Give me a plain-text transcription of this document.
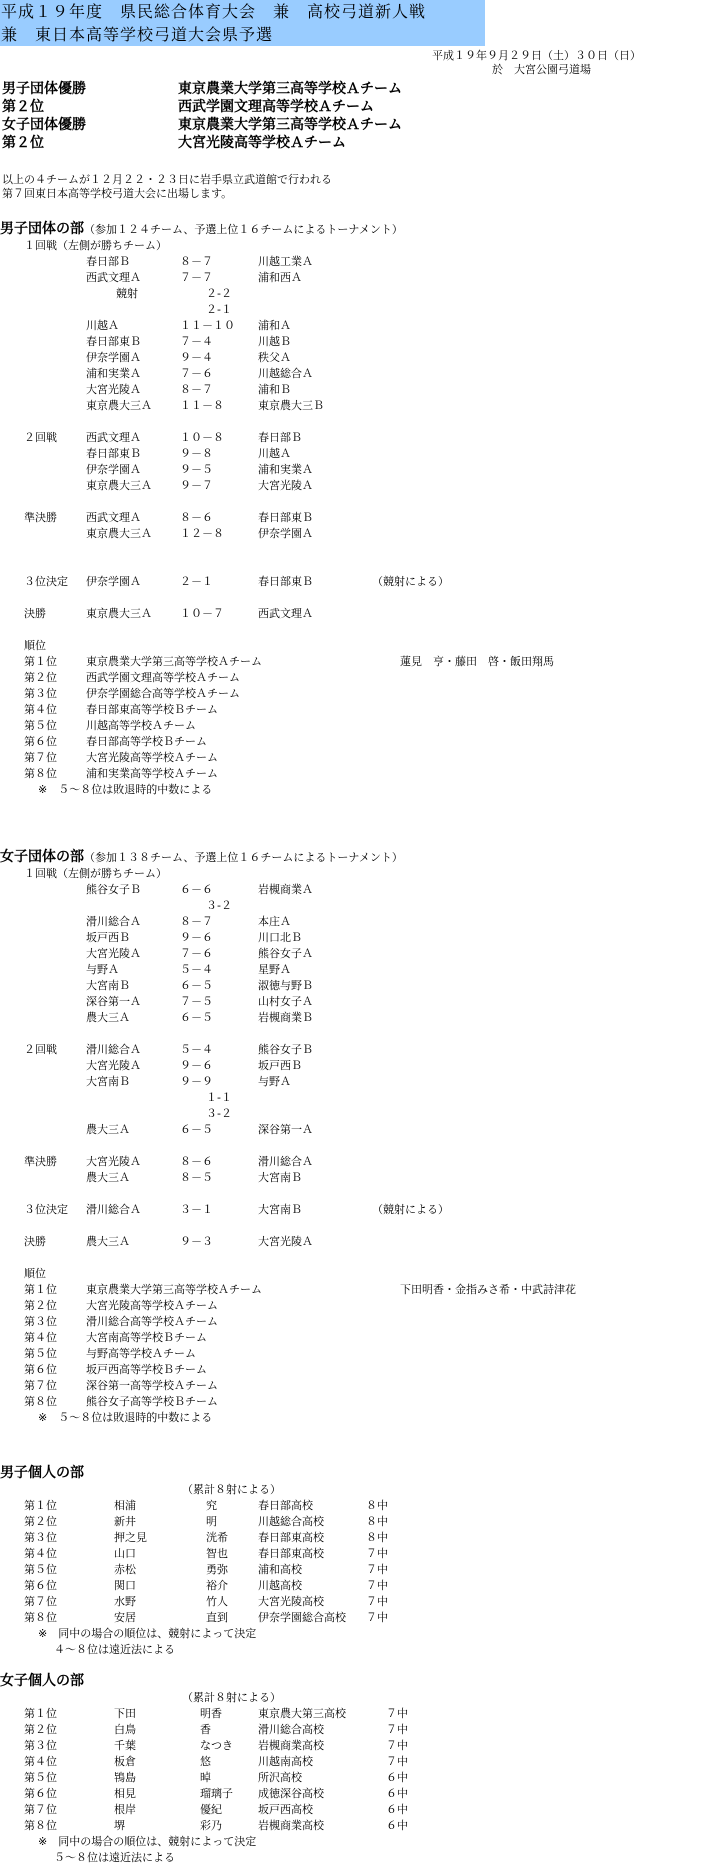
平成１９年度　県民総合体育大会　兼　高校弓道新人戦
兼　東日本高等学校弓道大会県予選
平成１９年９月２９日（土）３０日（日）
於　大宮公園弓道場
男子団体優勝	東京農業大学第三高等学校Ａチーム
第２位	西武学園文理高等学校Ａチーム
女子団体優勝	東京農業大学第三高等学校Ａチーム
第２位	大宮光陵高等学校Ａチーム
以上の４チームが１２月２２・２３日に岩手県立武道館で行われる
第７回東日本高等学校弓道大会に出場します。
男子団体の部（参加１２４チーム、予選上位１６チームによるトーナメント）
１回戦（左側が勝ちチーム）
春日部Ｂ	８－７	川越工業Ａ
西武文理Ａ	７－７	浦和西Ａ
競射	２-２
２-１
川越Ａ	１１－１０ 浦和Ａ
春日部東Ｂ	７－４	川越Ｂ
伊奈学園Ａ	９－４	秩父Ａ
浦和実業Ａ	７－６	川越総合Ａ
大宮光陵Ａ	８－７	浦和Ｂ
東京農大三Ａ	１１－８	東京農大三Ｂ
２回戦	西武文理Ａ	１０－８	春日部Ｂ
春日部東Ｂ	９－８	川越Ａ
伊奈学園Ａ	９－５	浦和実業Ａ
東京農大三Ａ	９－７	大宮光陵Ａ
準決勝	西武文理Ａ	８－６	春日部東Ｂ
東京農大三Ａ	１２－８	伊奈学園Ａ
３位決定 伊奈学園Ａ	２－１	春日部東Ｂ	（競射による）
決勝	東京農大三Ａ	１０－７	西武文理Ａ
順位
第１位	東京農業大学第三高等学校Ａチーム	蓮見　亨・藤田　啓・飯田翔馬
第２位	西武学園文理高等学校Ａチーム
第３位	伊奈学園総合高等学校Ａチーム
第４位	春日部東高等学校Ｂチーム
第５位	川越高等学校Ａチーム
第６位	春日部高等学校Ｂチーム
第７位	大宮光陵高等学校Ａチーム
第８位	浦和実業高等学校Ａチーム
※　５～８位は敗退時的中数による
女子団体の部（参加１３８チーム、予選上位１６チームによるトーナメント）
１回戦（左側が勝ちチーム）
熊谷女子Ｂ	６－６	岩槻商業Ａ
３-２
滑川総合Ａ	８－７	本庄Ａ
坂戸西Ｂ	９－６	川口北Ｂ
大宮光陵Ａ	７－６	熊谷女子Ａ
与野Ａ	５－４	星野Ａ
大宮南Ｂ	６－５	淑徳与野Ｂ
深谷第一Ａ	７－５	山村女子Ａ
農大三Ａ	６－５	岩槻商業Ｂ
２回戦	滑川総合Ａ	５－４	熊谷女子Ｂ
大宮光陵Ａ	９－６	坂戸西Ｂ
大宮南Ｂ	９－９	与野Ａ
１-１
３-２
農大三Ａ	６－５	深谷第一Ａ
準決勝	大宮光陵Ａ	８－６	滑川総合Ａ
農大三Ａ	８－５	大宮南Ｂ
３位決定 滑川総合Ａ	３－１	大宮南Ｂ	（競射による）
決勝	農大三Ａ	９－３	大宮光陵Ａ
順位
第１位	東京農業大学第三高等学校Ａチーム	下田明香・金指みさ希・中武詩津花
第２位	大宮光陵高等学校Ａチーム
第３位	滑川総合高等学校Ａチーム
第４位	大宮南高等学校Ｂチーム
第５位	与野高等学校Ａチーム
第６位	坂戸西高等学校Ｂチーム
第７位	深谷第一高等学校Ａチーム
第８位	熊谷女子高等学校Ｂチーム
※　５～８位は敗退時的中数による
男子個人の部
（累計８射による）
第１位	相浦	究	春日部高校	８中
第２位	新井	明	川越総合高校	８中
第３位	押之見	洸希	春日部東高校	８中
第４位	山口	智也	春日部東高校	７中
第５位	赤松	勇弥	浦和高校	７中
第６位	関口	裕介	川越高校	７中
第７位	水野	竹人	大宮光陵高校	７中
第８位	安居	直到	伊奈学園総合高校 ７中
※　同中の場合の順位は、競射によって決定
４～８位は遠近法による
女子個人の部
（累計８射による）
第１位	下田	明香	東京農大第三高校	７中
第２位	白鳥	香	滑川総合高校	７中
第３位	千葉	なつき 岩槻商業高校	７中
第４位	板倉	悠	川越南高校	７中
第５位	鴇島	晫	所沢高校	６中
第６位	相見	瑠璃子 成徳深谷高校	６中
第７位	根岸	優紀	坂戸西高校	６中
第８位	堺	彩乃	岩槻商業高校	６中
※　同中の場合の順位は、競射によって決定
５～８位は遠近法による
